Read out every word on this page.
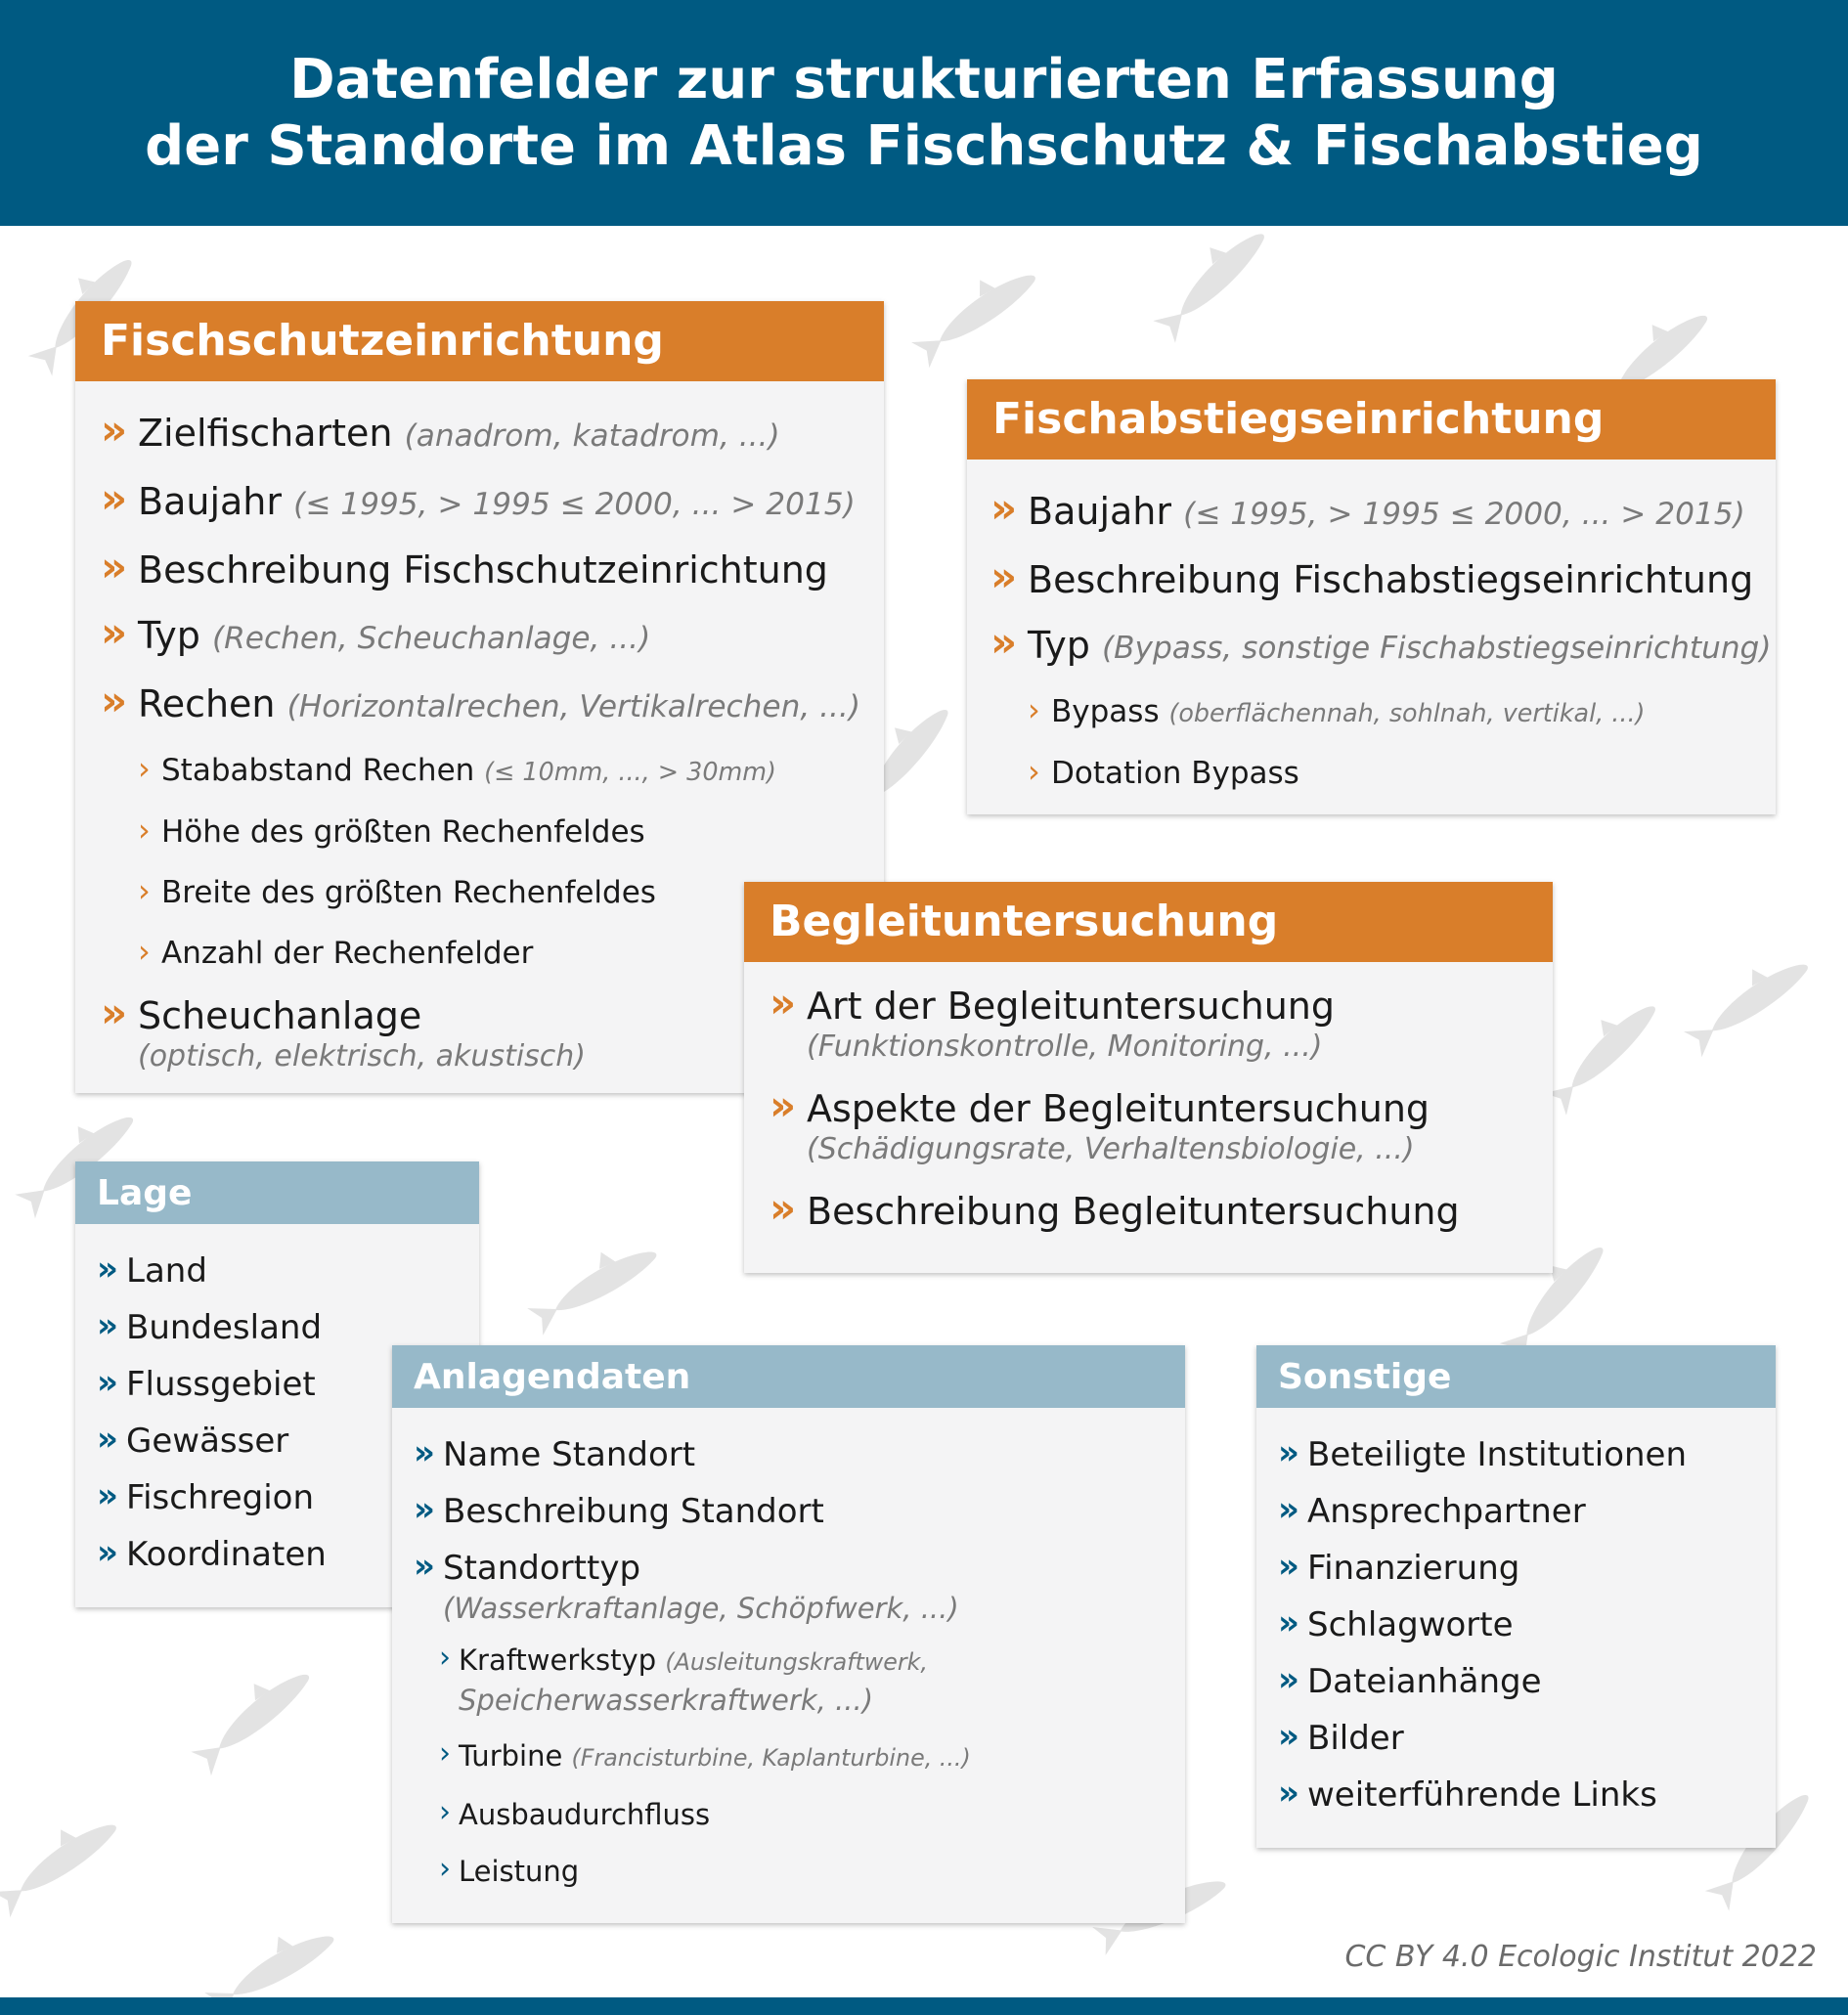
Datenfelder zur strukturierten Erfassung
der Standorte im Atlas Fischschutz & Fischabstieg
Fischschutzeinrichtung
» Zielfischarten (anadrom, katadrom, ...)
» Baujahr (≤ 1995, > 1995 ≤ 2000, ... > 2015)
» Beschreibung Fischschutzeinrichtung
» Typ (Rechen, Scheuchanlage, ...)
» Rechen (Horizontalrechen, Vertikalrechen, ...)
› Stababstand Rechen (≤ 10mm, ..., > 30mm)
› Höhe des größten Rechenfeldes
› Breite des größten Rechenfeldes
› Anzahl der Rechenfelder
» Scheuchanlage
(optisch, elektrisch, akustisch)
Fischabstiegseinrichtung
» Baujahr (≤ 1995, > 1995 ≤ 2000, ... > 2015)
» Beschreibung Fischabstiegseinrichtung
» Typ (Bypass, sonstige Fischabstiegseinrichtung)
› Bypass (oberflächennah, sohlnah, vertikal, ...)
› Dotation Bypass
Begleituntersuchung
» Art der Begleituntersuchung
(Funktionskontrolle, Monitoring, ...)
» Aspekte der Begleituntersuchung
(Schädigungsrate, Verhaltensbiologie, ...)
» Beschreibung Begleituntersuchung
Lage
» Land
» Bundesland
» Flussgebiet
» Gewässer
» Fischregion
» Koordinaten
Anlagendaten
» Name Standort
» Beschreibung Standort
» Standorttyp
(Wasserkraftanlage, Schöpfwerk, ...)
› Kraftwerkstyp (Ausleitungskraftwerk,
Speicherwasserkraftwerk, ...)
› Turbine (Francisturbine, Kaplanturbine, ...)
› Ausbaudurchfluss
› Leistung
Sonstige
» Beteiligte Institutionen
» Ansprechpartner
» Finanzierung
» Schlagworte
» Dateianhänge
» Bilder
» weiterführende Links
CC BY 4.0 Ecologic Institut 2022
